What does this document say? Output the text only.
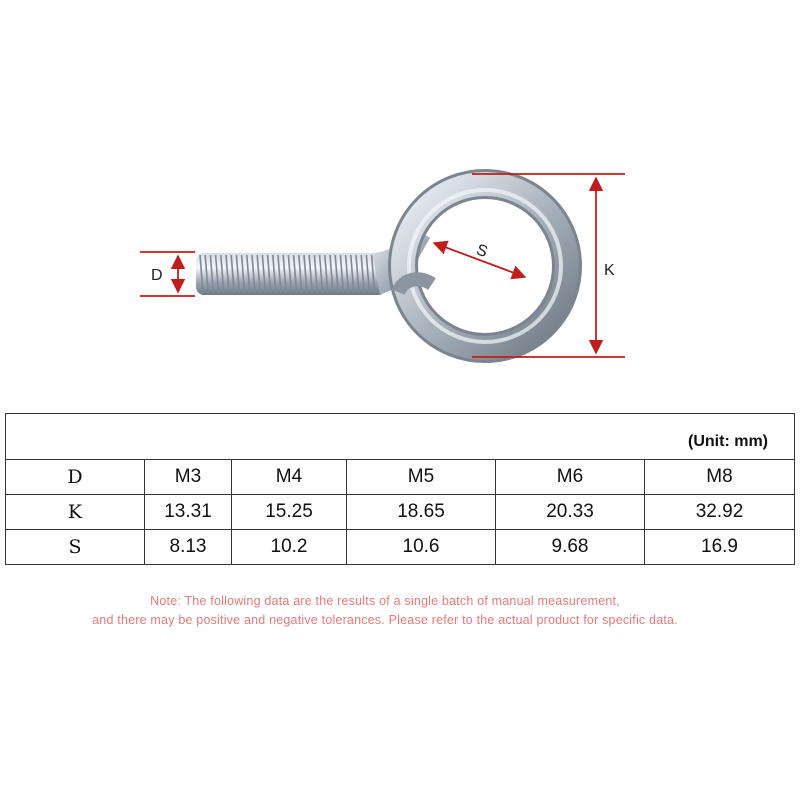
D	K
S
(Unit: mm)					
D	M3	M4	M5	M6	M8
K	13.31	15.25	18.65	20.33	32.92
S	8.13	10.2	10.6	9.68	16.9
Note: The following data are the results of a single batch of manual measurement,
and there may be positive and negative tolerances. Please refer to the actual product for specific data.
